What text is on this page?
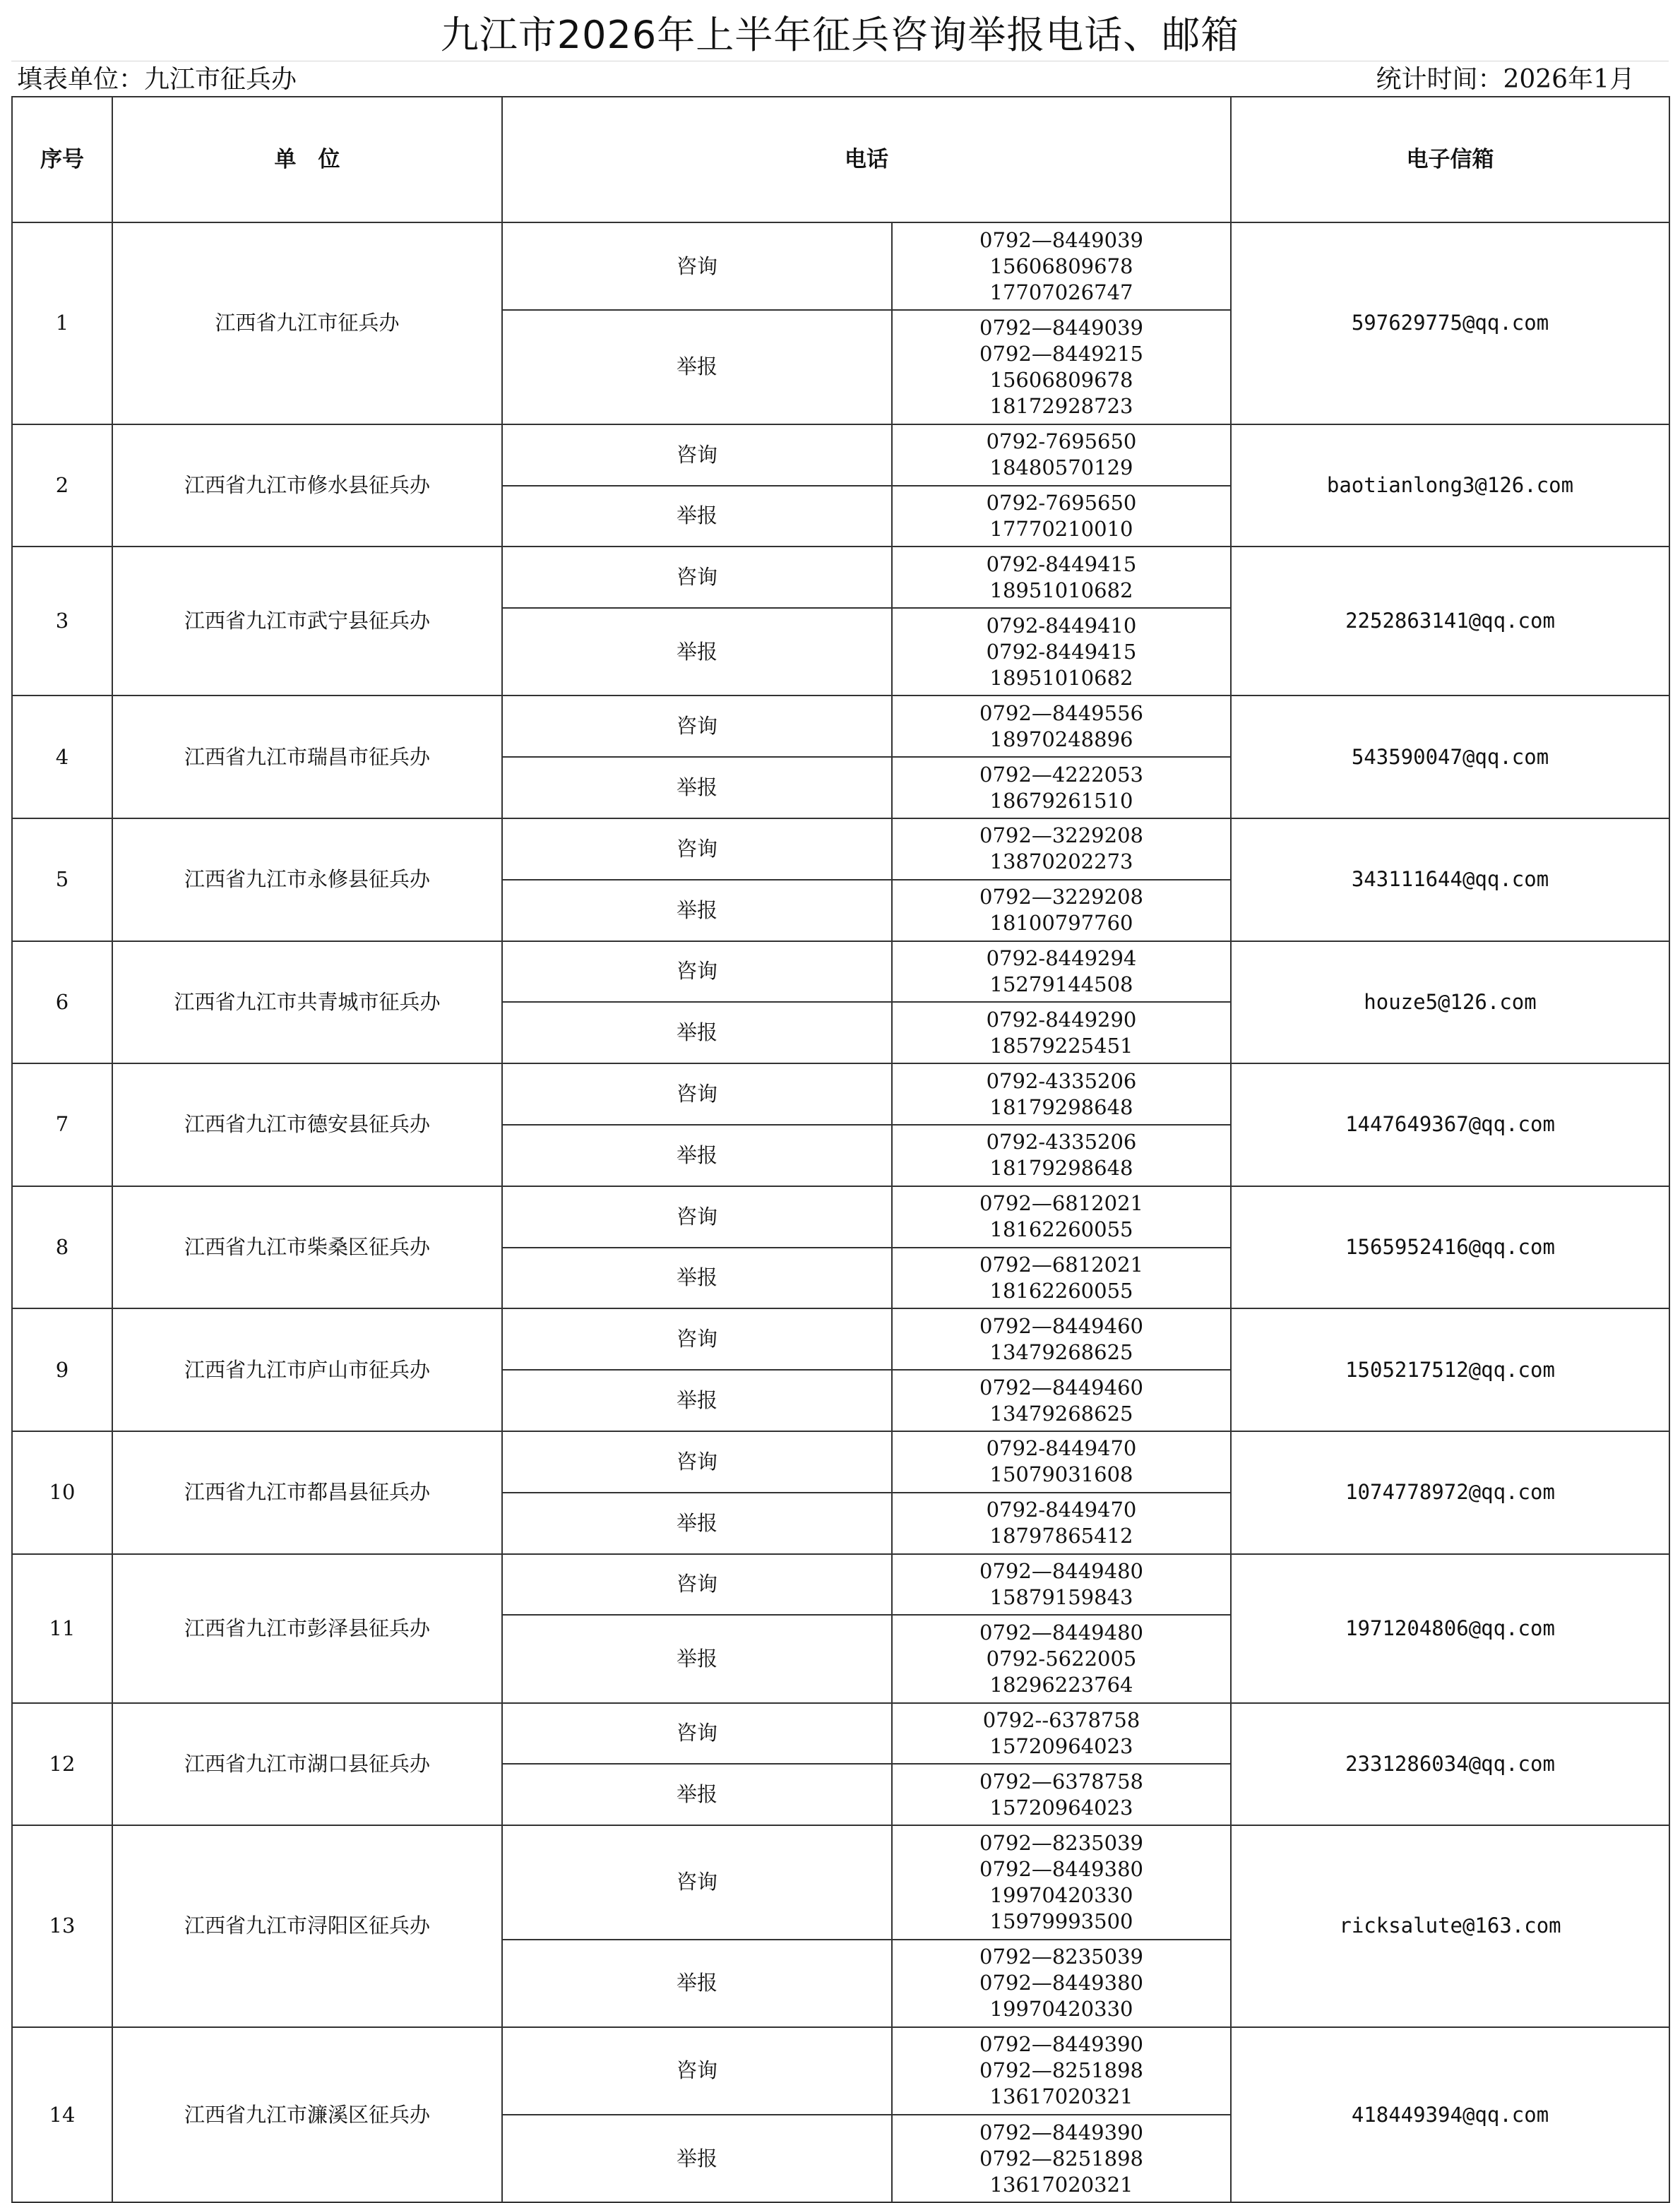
九江市2026年上半年征兵咨询举报电话、邮箱
填表单位：九江市征兵办	统计时间：2026年1月
序号	单　位	电话		电子信箱
1	江西省九江市征兵办	咨询	0792—8449039
15606809678
17707026747	597629775@qq.com
		举报	0792—8449039
0792—8449215
15606809678
18172928723	

2	江西省九江市修水县征兵办	咨询	0792-7695650
18480570129	baotianlong3@126.com
		举报	0792-7695650
17770210010	

3	江西省九江市武宁县征兵办	咨询	0792-8449415
18951010682	2252863141@qq.com
		举报	0792-8449410
0792-8449415
18951010682	

4	江西省九江市瑞昌市征兵办	咨询	0792—8449556
18970248896	543590047@qq.com
		举报	0792—4222053
18679261510	

5	江西省九江市永修县征兵办	咨询	0792—3229208
13870202273	343111644@qq.com
		举报	0792—3229208
18100797760	

6	江西省九江市共青城市征兵办	咨询	0792-8449294
15279144508	houze5@126.com
		举报	0792-8449290
18579225451	

7	江西省九江市德安县征兵办	咨询	0792-4335206
18179298648	1447649367@qq.com
		举报	0792-4335206
18179298648	

8	江西省九江市柴桑区征兵办	咨询	0792—6812021
18162260055	1565952416@qq.com
		举报	0792—6812021
18162260055	

9	江西省九江市庐山市征兵办	咨询	0792—8449460
13479268625	1505217512@qq.com
		举报	0792—8449460
13479268625	

10	江西省九江市都昌县征兵办	咨询	0792-8449470
15079031608	1074778972@qq.com
		举报	0792-8449470
18797865412	

11	江西省九江市彭泽县征兵办	咨询	0792—8449480
15879159843	1971204806@qq.com
		举报	0792—8449480
0792-5622005
18296223764	

12	江西省九江市湖口县征兵办	咨询	0792--6378758
15720964023	2331286034@qq.com
		举报	0792—6378758
15720964023	

13	江西省九江市浔阳区征兵办	咨询	0792—8235039
0792—8449380
19970420330
15979993500	ricksalute@163.com
		举报	0792—8235039
0792—8449380
19970420330	

14	江西省九江市濂溪区征兵办	咨询	0792—8449390
0792—8251898
13617020321	418449394@qq.com
		举报	0792—8449390
0792—8251898
13617020321	
